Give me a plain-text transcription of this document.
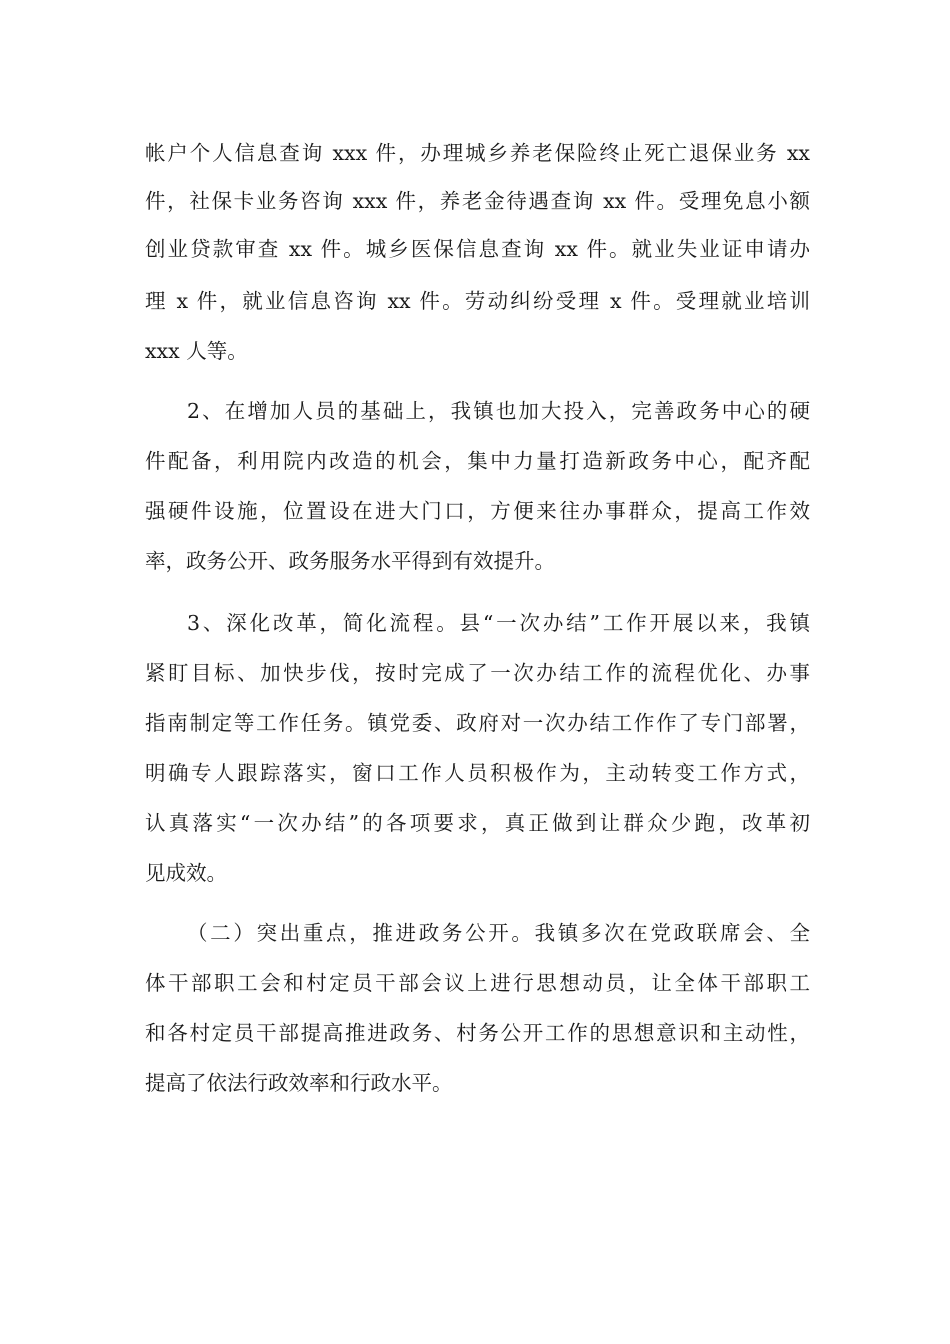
帐户个人信息查询 xxx 件，办理城乡养老保险终止死亡退保业务 xx
件，社保卡业务咨询 xxx 件，养老金待遇查询 xx 件。受理免息小额
创业贷款审查 xx 件。城乡医保信息查询 xx 件。就业失业证申请办
理 x 件，就业信息咨询 xx 件。劳动纠纷受理 x 件。受理就业培训
xxx 人等。
2、在增加人员的基础上，我镇也加大投入，完善政务中心的硬
件配备，利用院内改造的机会，集中力量打造新政务中心，配齐配
强硬件设施，位置设在进大门口，方便来往办事群众，提高工作效
率，政务公开、政务服务水平得到有效提升。
3、深化改革，简化流程。县“一次办结”工作开展以来，我镇
紧盯目标、加快步伐，按时完成了一次办结工作的流程优化、办事
指南制定等工作任务。镇党委、政府对一次办结工作作了专门部署，
明确专人跟踪落实，窗口工作人员积极作为，主动转变工作方式，
认真落实“一次办结”的各项要求，真正做到让群众少跑，改革初
见成效。
（二）突出重点，推进政务公开。我镇多次在党政联席会、全
体干部职工会和村定员干部会议上进行思想动员，让全体干部职工
和各村定员干部提高推进政务、村务公开工作的思想意识和主动性，
提高了依法行政效率和行政水平。
